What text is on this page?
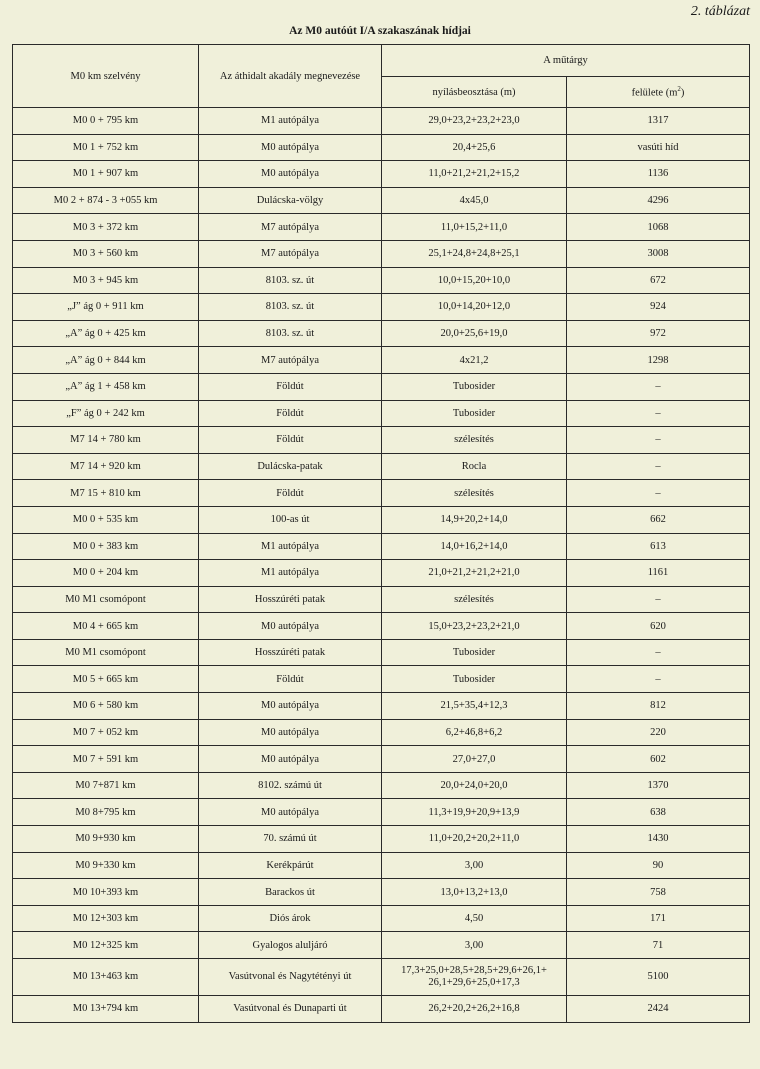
2. táblázat
Az M0 autóút I/A szakaszának hídjai
M0 km szelvény	Az áthidalt akadály megnevezése	A műtárgy	
		nyílásbeosztása (m)	felülete $(m^2)$
M0 0 + 795 km	M1 autópálya	29,0+23,2+23,2+23,0	1317
M0 1 + 752 km	M0 autópálya	20,4+25,6	vasúti híd
M0 1 + 907 km	M0 autópálya	11,0+21,2+21,2+15,2	1136
M0 2 + 874 - 3 +055 km	Dulácska-völgy	4x45,0	4296
M0 3 + 372 km	M7 autópálya	11,0+15,2+11,0	1068
M0 3 + 560 km	M7 autópálya	25,1+24,8+24,8+25,1	3008
M0 3 + 945 km	8103. sz. út	10,0+15,20+10,0	672
„J” ág 0 + 911 km	8103. sz. út	10,0+14,20+12,0	924
„A” ág 0 + 425 km	8103. sz. út	20,0+25,6+19,0	972
„A” ág 0 + 844 km	M7 autópálya	4x21,2	1298
„A” ág 1 + 458 km	Földút	Tubosider	–
„F” ág 0 + 242 km	Földút	Tubosider	–
M7 14 + 780 km	Földút	szélesítés	–
M7 14 + 920 km	Dulácska-patak	Rocla	–
M7 15 + 810 km	Földút	szélesítés	–
M0 0 + 535 km	100-as út	14,9+20,2+14,0	662
M0 0 + 383 km	M1 autópálya	14,0+16,2+14,0	613
M0 0 + 204 km	M1 autópálya	21,0+21,2+21,2+21,0	1161
M0 M1 csomópont	Hosszúréti patak	szélesítés	–
M0 4 + 665 km	M0 autópálya	15,0+23,2+23,2+21,0	620
M0 M1 csomópont	Hosszúréti patak	Tubosider	–
M0 5 + 665 km	Földút	Tubosider	–
M0 6 + 580 km	M0 autópálya	21,5+35,4+12,3	812
M0 7 + 052 km	M0 autópálya	6,2+46,8+6,2	220
M0 7 + 591 km	M0 autópálya	27,0+27,0	602
M0 7+871 km	8102. számú út	20,0+24,0+20,0	1370
M0 8+795 km	M0 autópálya	11,3+19,9+20,9+13,9	638
M0 9+930 km	70. számú út	11,0+20,2+20,2+11,0	1430
M0 9+330 km	Kerékpárút	3,00	90
M0 10+393 km	Barackos út	13,0+13,2+13,0	758
M0 12+303 km	Diós árok	4,50	171
M0 12+325 km	Gyalogos aluljáró	3,00	71
M0 13+463 km	Vasútvonal és Nagytétényi út	17,3+25,0+28,5+28,5+29,6+26,1+ 26,1+29,6+25,0+17,3	5100
M0 13+794 km	Vasútvonal és Dunaparti út	26,2+20,2+26,2+16,8	2424
